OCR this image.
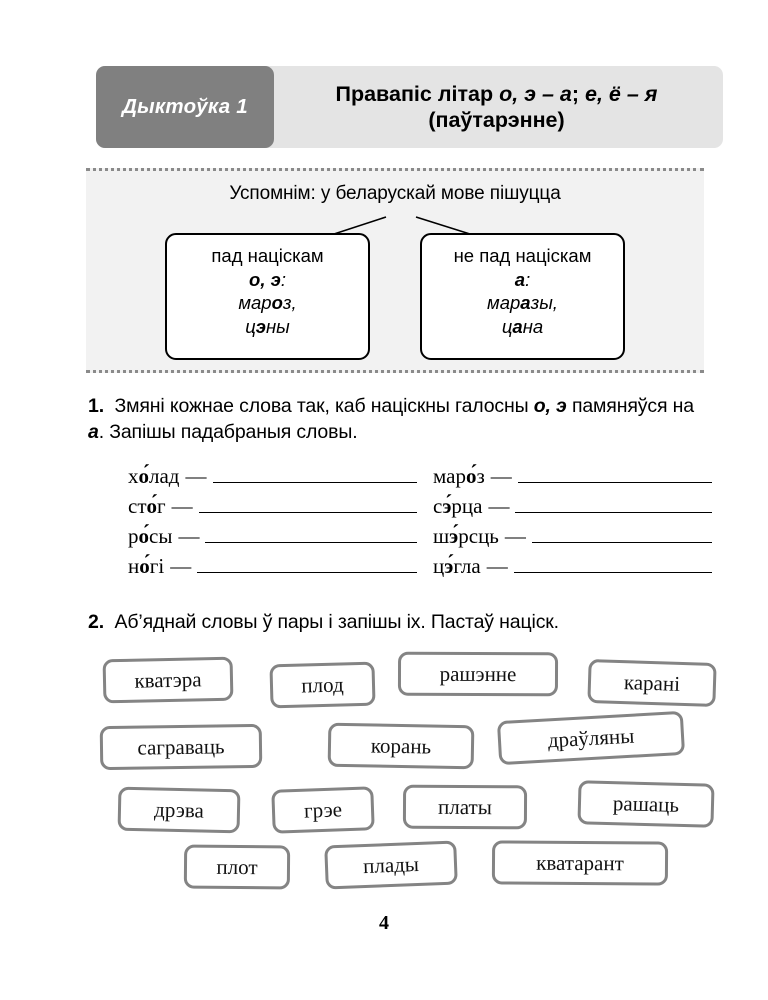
Дыктоўка 1
Правапіс літар о, э – а; е, ё – я
(паўтарэнне)
Успомнім: у беларускай мове пішуцца
пад націскам
о, э:
мароз,
цэны
не пад націскам
а:
маразы,
цана
1. Змяні кожнае слова так, каб націскны галосны о, э памяняўся на а. Запішы падабраныя словы.
хо́лад —	маро́з —
сто́г —	сэ́рца —
ро́сы —	шэ́рсць —
но́гі —	цэ́гла —
2. Аб’яднай словы ў пары і запішы іх. Пастаў націск.
кватэра	плод	рашэнне	карані
саграваць	корань	драўляны
дрэва	грэе	платы	рашаць
плот	плады	кватарант
4
